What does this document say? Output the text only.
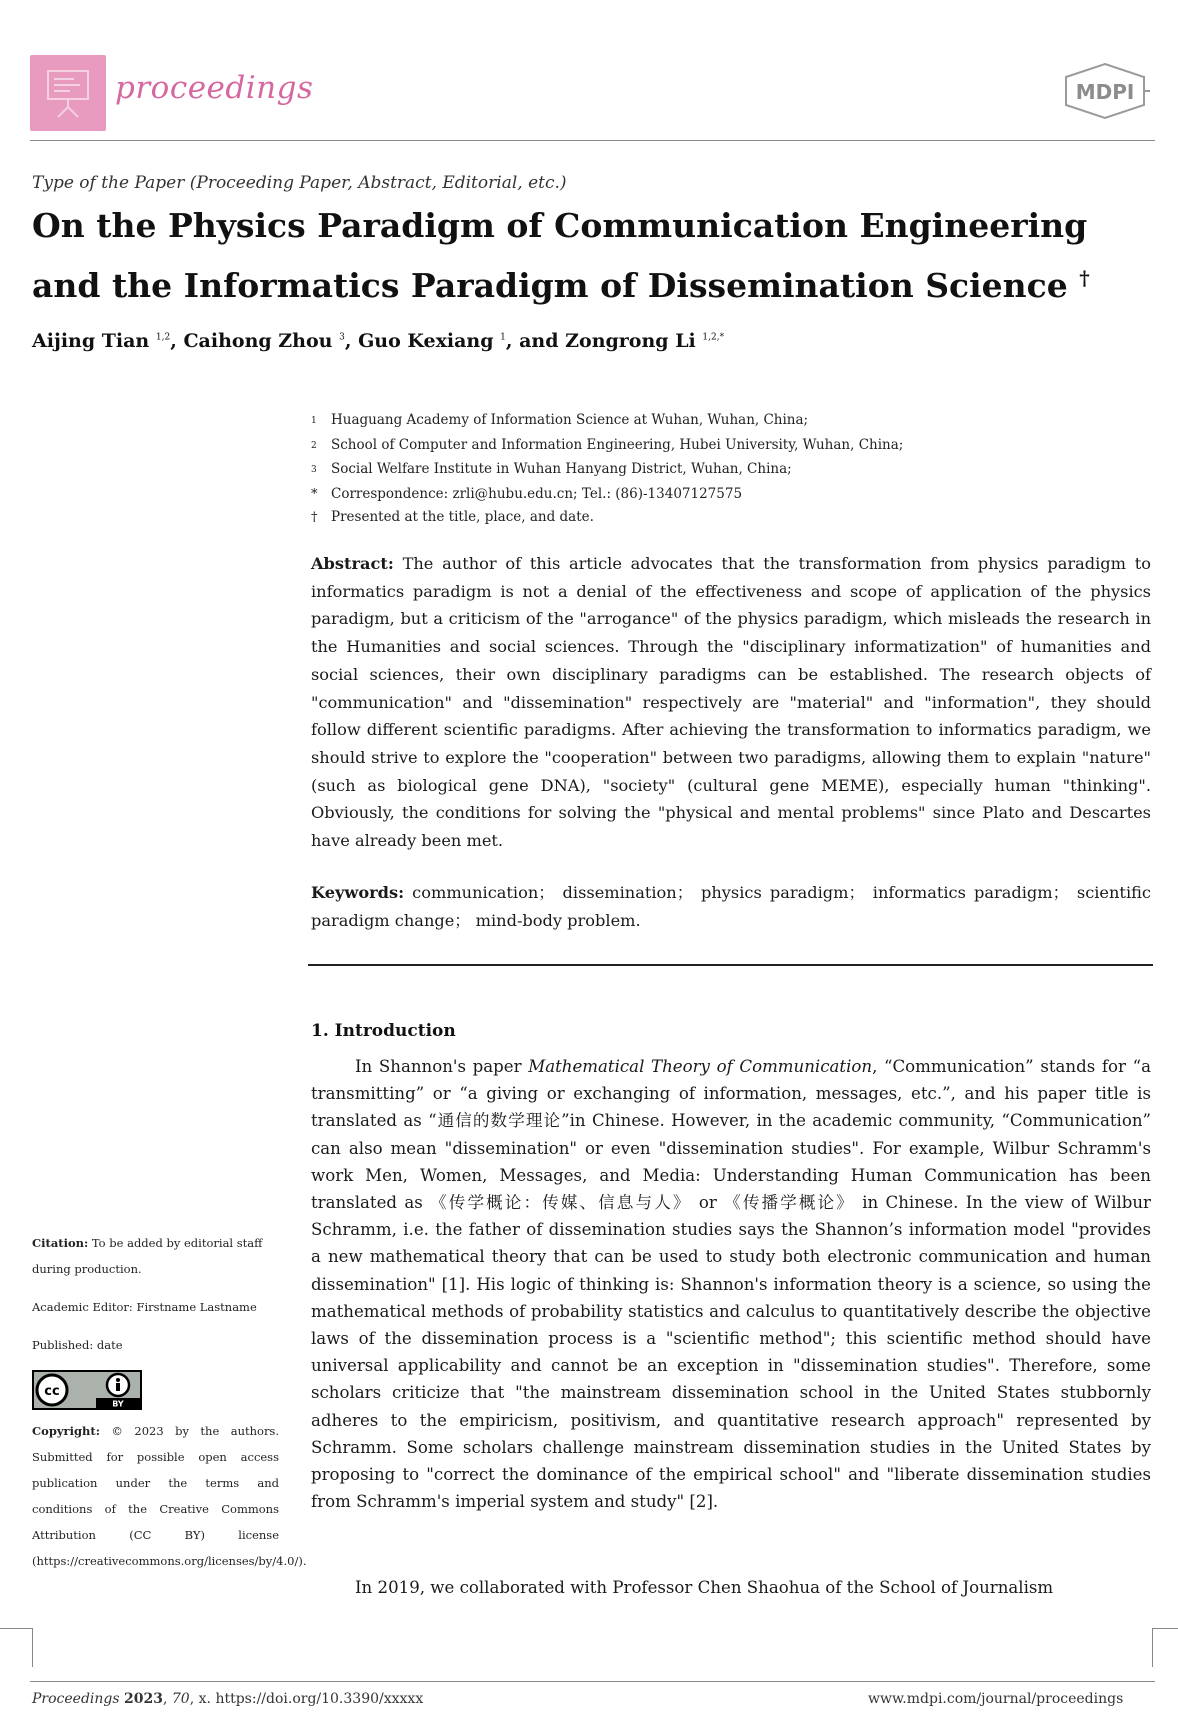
proceedings	MDPI
Type of the Paper (Proceeding Paper, Abstract, Editorial, etc.)
On the Physics Paradigm of Communication Engineering and the Informatics Paradigm of Dissemination Science †
Aijing Tian $^{1,2}$, Caihong Zhou $^3$, Guo Kexiang $^1$, and Zongrong Li $^{1,2,*}$
1	Huaguang Academy of Information Science at Wuhan, Wuhan, China;
2	School of Computer and Information Engineering, Hubei University, Wuhan, China;
3	Social Welfare Institute in Wuhan Hanyang District, Wuhan, China;
*	Correspondence: zrli@hubu.edu.cn; Tel.: (86)-13407127575
†	Presented at the title, place, and date.
Abstract: The author of this article advocates that the transformation from physics paradigm to informatics paradigm is not a denial of the effectiveness and scope of application of the physics paradigm, but a criticism of the "arrogance" of the physics paradigm, which misleads the research in the Humanities and social sciences. Through the "disciplinary informatization" of humanities and social sciences, their own disciplinary paradigms can be established. The research objects of "communication" and "dissemination" respectively are "material" and "information", they should follow different scientific paradigms. After achieving the transformation to informatics paradigm, we should strive to explore the "cooperation" between two paradigms, allowing them to explain "nature" (such as biological gene DNA), "society" (cultural gene MEME), especially human "thinking". Obviously, the conditions for solving the "physical and mental problems" since Plato and Descartes have already been met.
Keywords: communication； dissemination； physics paradigm； informatics paradigm； scientific paradigm change； mind-body problem.
1. Introduction
In Shannon's paper Mathematical Theory of Communication, “Communication” stands for “a transmitting” or “a giving or exchanging of information, messages, etc.”, and his paper title is translated as “通信的数学理论”in Chinese. However, in the academic community, “Communication” can also mean "dissemination" or even "dissemination studies". For example, Wilbur Schramm's work Men, Women, Messages, and Media: Understanding Human Communication has been translated as 《传学概论：传媒、信息与人》 or 《传播学概论》 in Chinese. In the view of Wilbur Schramm, i.e. the father of dissemination studies says the Shannon’s information model "provides a new mathematical theory that can be used to study both electronic communication and human dissemination" [1]. His logic of thinking is: Shannon's information theory is a science, so using the mathematical methods of probability statistics and calculus to quantitatively describe the objective laws of the dissemination process is a "scientific method"; this scientific method should have universal applicability and cannot be an exception in "dissemination studies". Therefore, some scholars criticize that "the mainstream dissemination school in the United States stubbornly adheres to the empiricism, positivism, and quantitative research approach" represented by Schramm. Some scholars challenge mainstream dissemination studies in the United States by proposing to "correct the dominance of the empirical school" and "liberate dissemination studies from Schramm's imperial system and study" [2].
In 2019, we collaborated with Professor Chen Shaohua of the School of Journalism
Citation: To be added by editorial staff during production.
Academic Editor: Firstname Lastname
Published: date
cc
BY
Copyright: © 2023 by the authors. Submitted for possible open access publication under the terms and conditions of the Creative Commons Attribution (CC BY) license (https://creativecommons.org/licenses/by/4.0/).
Proceedings 2023, 70, x. https://doi.org/10.3390/xxxxx	www.mdpi.com/journal/proceedings
